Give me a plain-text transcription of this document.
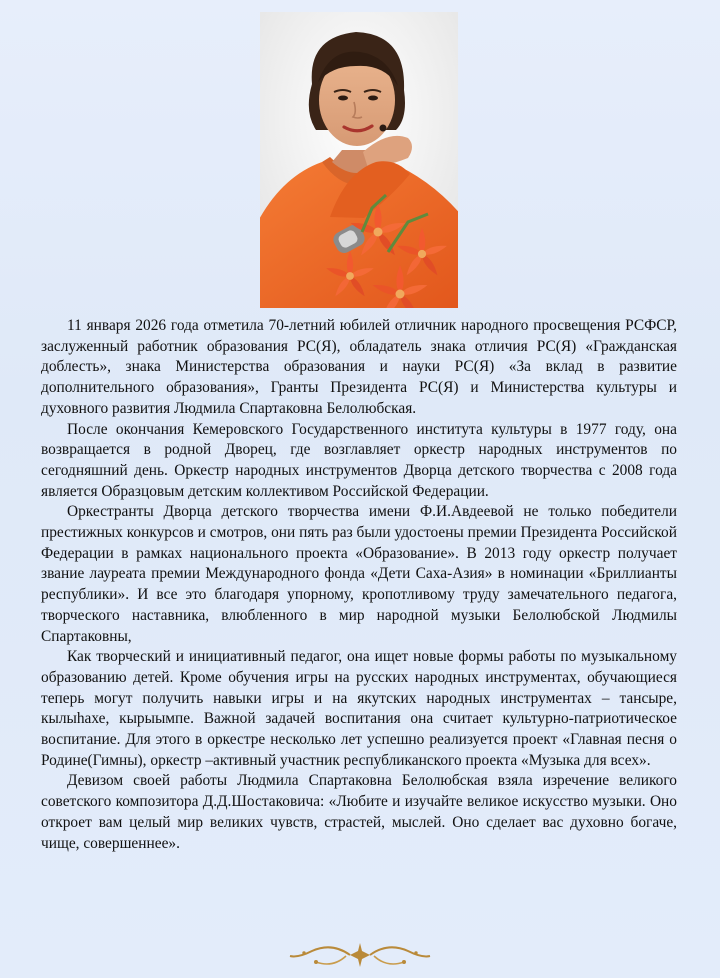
11 января 2026 года отметила 70-летний юбилей отличник народного просвещения РСФСР, заслуженный работник образования РС(Я), обладатель знака отличия РС(Я) «Гражданская доблесть», знака Министерства образования и науки РС(Я) «За вклад в развитие дополнительного образования», Гранты Президента РС(Я) и Министерства культуры и духовного развития Людмила Спартаковна Белолюбская.

После окончания Кемеровского Государственного института культуры в 1977 году, она возвращается в родной Дворец, где возглавляет оркестр народных инструментов по сегодняшний день. Оркестр народных инструментов Дворца детского творчества с 2008 года является Образцовым детским коллективом Российской Федерации.

Оркестранты Дворца детского творчества имени Ф.И.Авдеевой не только победители престижных конкурсов и смотров, они пять раз были удостоены премии Президента Российской Федерации в рамках национального проекта «Образование». В 2013 году оркестр получает звание лауреата премии Международного фонда «Дети Саха-Азия» в номинации «Бриллианты республики». И все это благодаря упорному, кропотливому труду замечательного педагога, творческого наставника, влюбленного в мир народной музыки Белолюбской Людмилы Спартаковны,

Как творческий и инициативный педагог, она ищет новые формы работы по музыкальному образованию детей. Кроме обучения игры на русских народных инструментах, обучающиеся теперь могут получить навыки игры и на якутских народных инструментах – тансыре, кылыhахе, кырыымпе. Важной задачей воспитания она считает культурно-патриотическое воспитание. Для этого в оркестре несколько лет успешно реализуется проект «Главная песня о Родине(Гимны), оркестр –активный участник республиканского проекта «Музыка для всех».

Девизом своей работы Людмила Спартаковна Белолюбская взяла изречение великого советского композитора Д.Д.Шостаковича: «Любите и изучайте великое искусство музыки. Оно откроет вам целый мир великих чувств, страстей, мыслей. Оно сделает вас духовно богаче, чище, совершеннее».
